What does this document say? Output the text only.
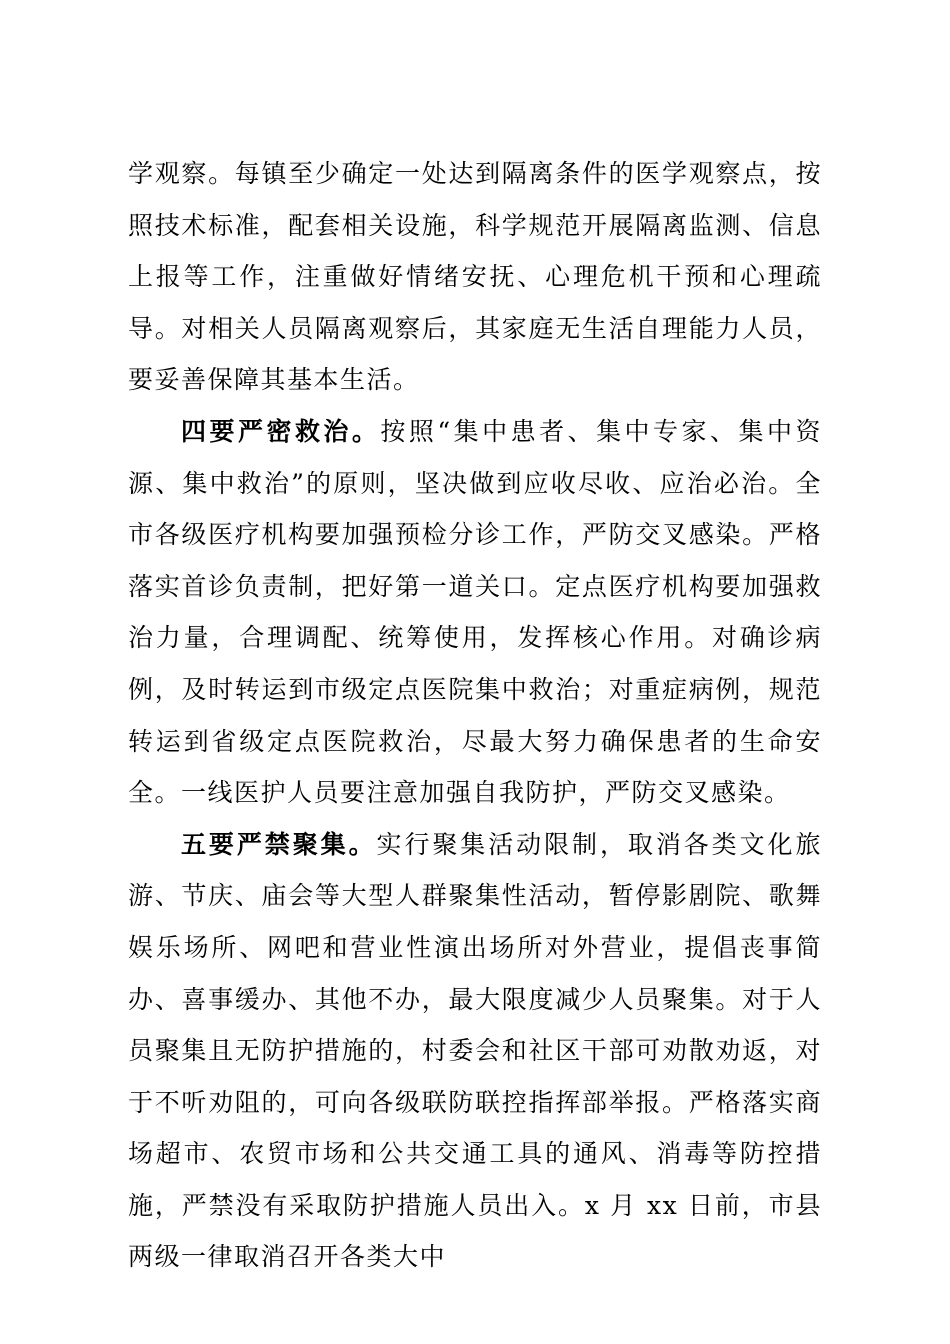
学观察。每镇至少确定一处达到隔离条件的医学观察点，按照技术标准，配套相关设施，科学规范开展隔离监测、信息上报等工作，注重做好情绪安抚、心理危机干预和心理疏导。对相关人员隔离观察后，其家庭无生活自理能力人员，要妥善保障其基本生活。

四要严密救治。按照“集中患者、集中专家、集中资源、集中救治”的原则，坚决做到应收尽收、应治必治。全市各级医疗机构要加强预检分诊工作，严防交叉感染。严格落实首诊负责制，把好第一道关口。定点医疗机构要加强救治力量，合理调配、统筹使用，发挥核心作用。对确诊病例，及时转运到市级定点医院集中救治；对重症病例，规范转运到省级定点医院救治，尽最大努力确保患者的生命安全。一线医护人员要注意加强自我防护，严防交叉感染。

五要严禁聚集。实行聚集活动限制，取消各类文化旅游、节庆、庙会等大型人群聚集性活动，暂停影剧院、歌舞娱乐场所、网吧和营业性演出场所对外营业，提倡丧事简办、喜事缓办、其他不办，最大限度减少人员聚集。对于人员聚集且无防护措施的，村委会和社区干部可劝散劝返，对于不听劝阻的，可向各级联防联控指挥部举报。严格落实商场超市、农贸市场和公共交通工具的通风、消毒等防控措施，严禁没有采取防护措施人员出入。x 月 xx 日前，市县两级一律取消召开各类大中
